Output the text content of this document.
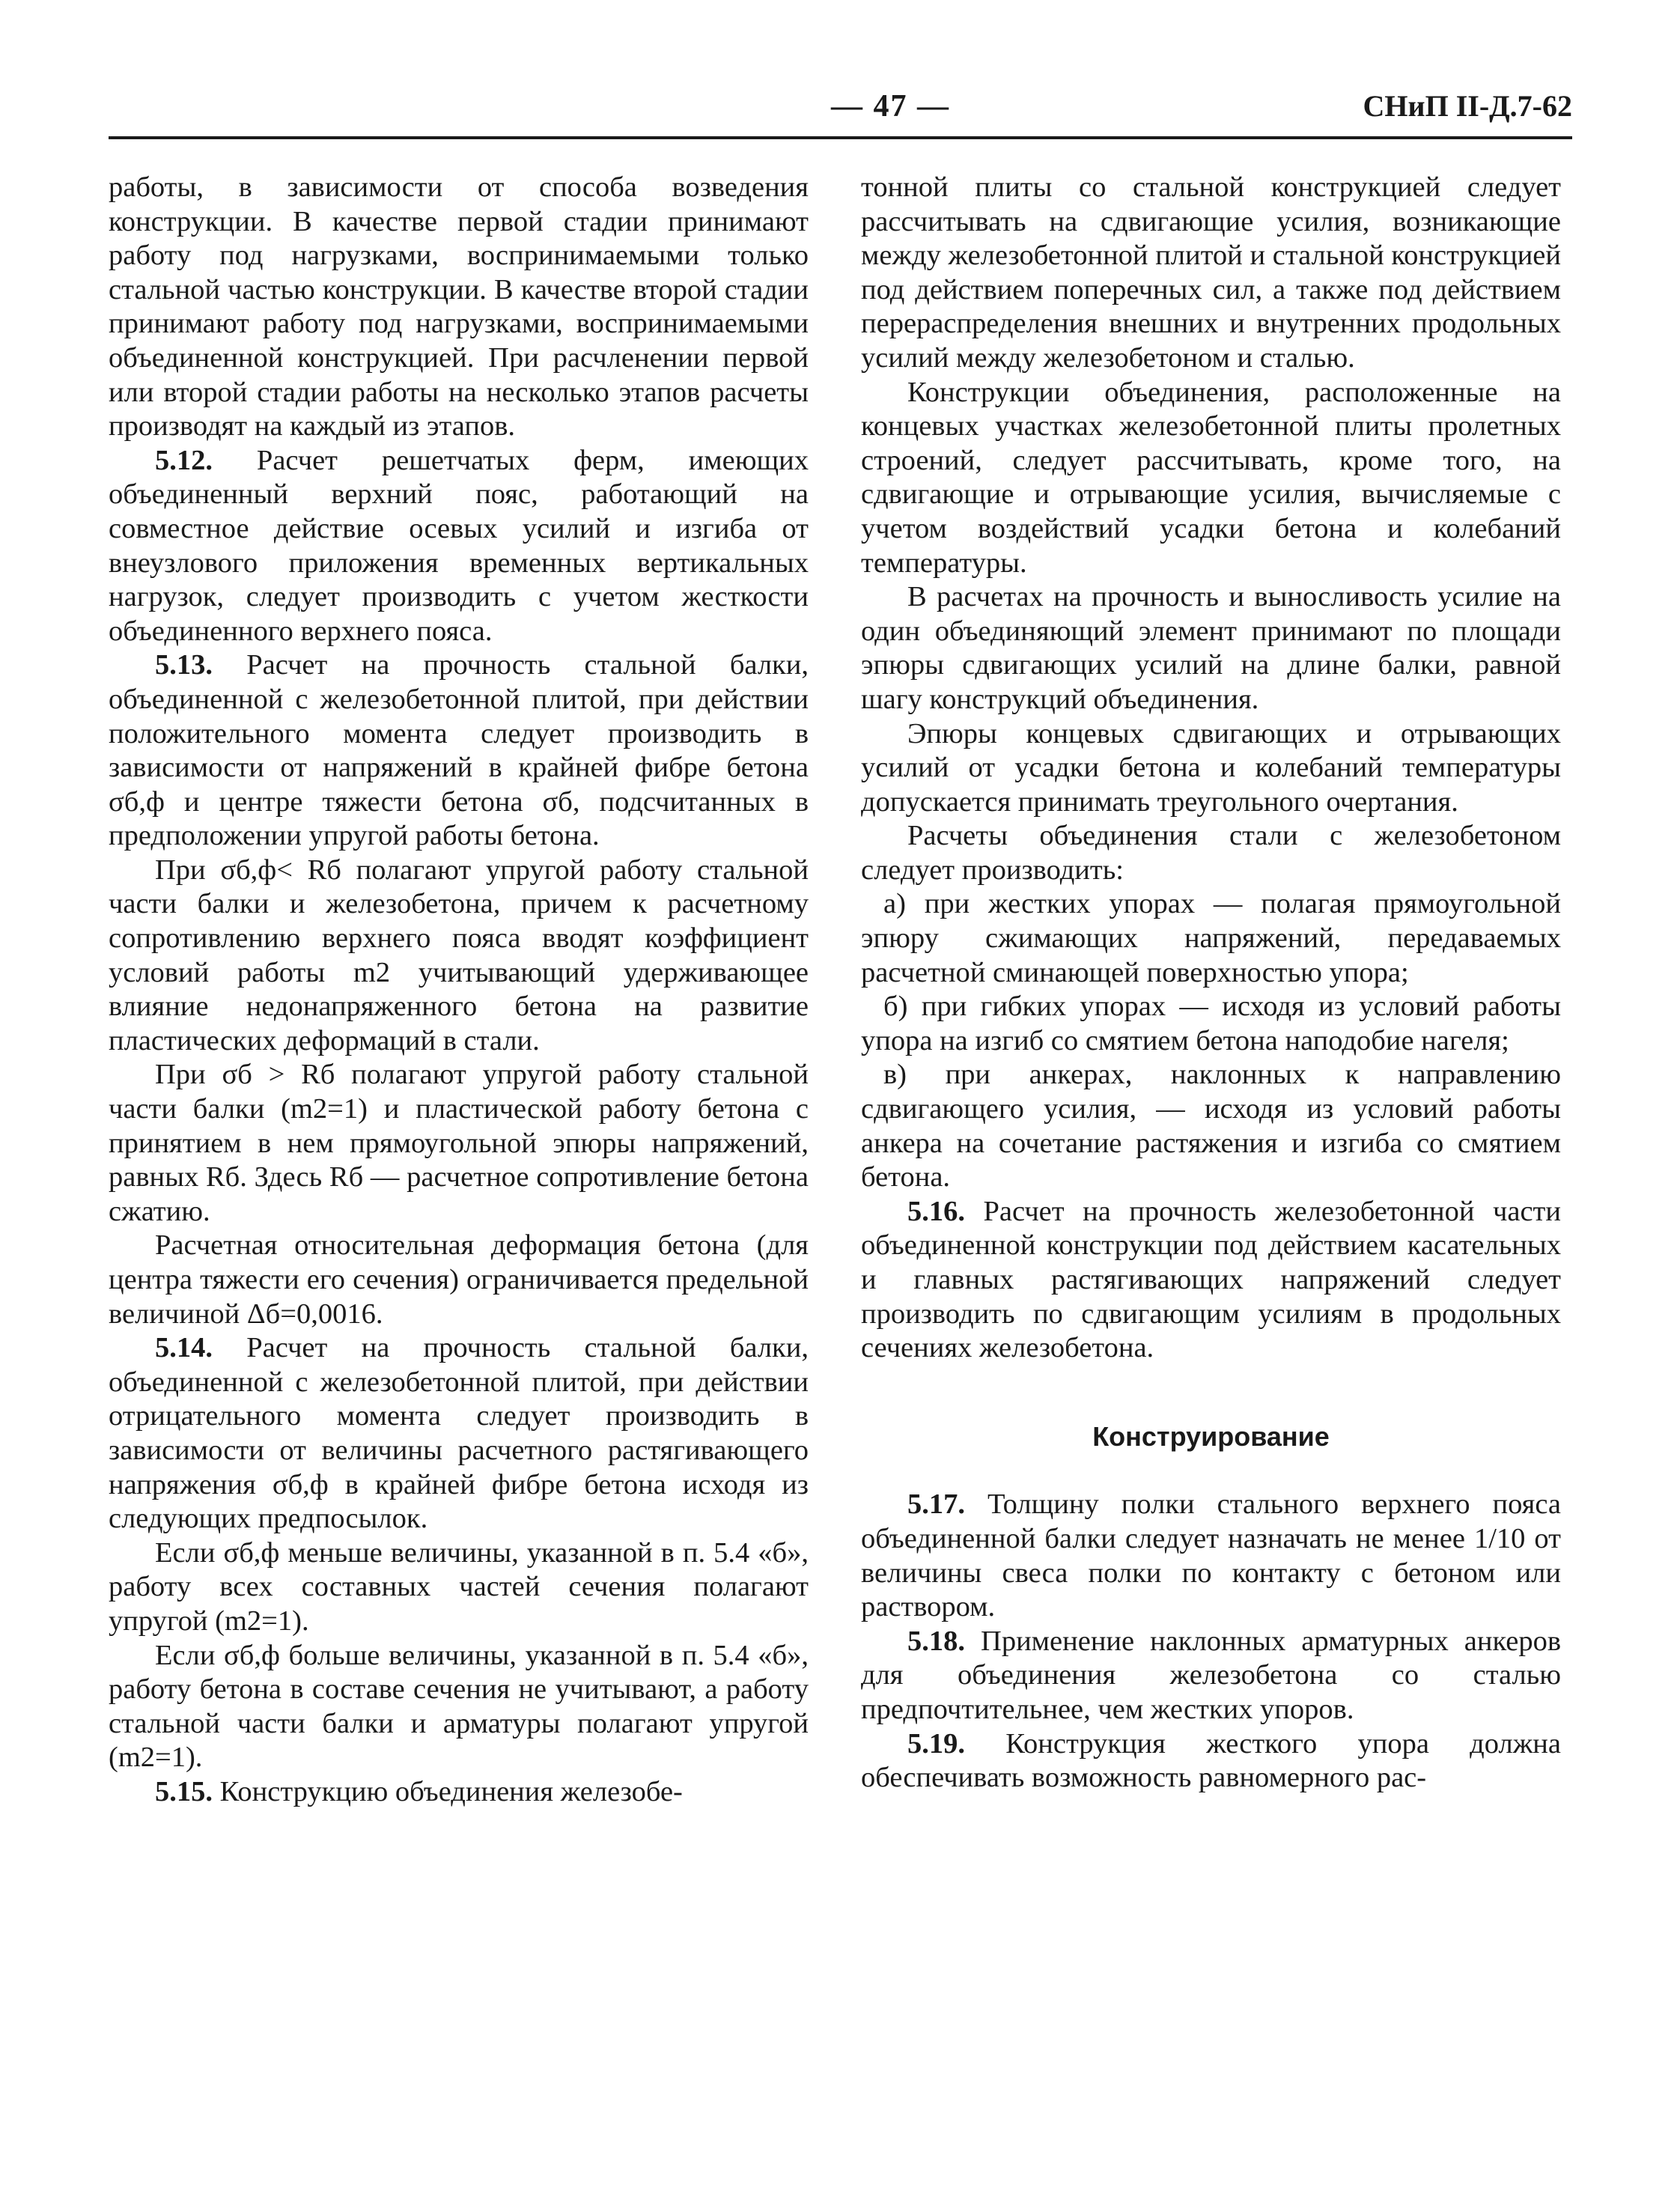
— 47 —	СНиП II-Д.7-62

работы, в зависимости от способа возведения конструкции. В качестве первой стадии принимают работу под нагрузками, воспринимаемыми только стальной частью конструкции. В качестве второй стадии принимают работу под нагрузками, воспринимаемыми объединенной конструкцией. При расчленении первой или второй стадии работы на несколько этапов расчеты производят на каждый из этапов.

5.12. Расчет решетчатых ферм, имеющих объединенный верхний пояс, работающий на совместное действие осевых усилий и изгиба от внеузлового приложения временных вертикальных нагрузок, следует производить с учетом жесткости объединенного верхнего пояса.

5.13. Расчет на прочность стальной балки, объединенной с железобетонной плитой, при действии положительного момента следует производить в зависимости от напряжений в крайней фибре бетона σб,ф и центре тяжести бетона σб, подсчитанных в предположении упругой работы бетона.

При σб,ф< Rб полагают упругой работу стальной части балки и железобетона, причем к расчетному сопротивлению верхнего пояса вводят коэффициент условий работы m2 учитывающий удерживающее влияние недонапряженного бетона на развитие пластических деформаций в стали.

При σб > Rб полагают упругой работу стальной части балки (m2=1) и пластической работу бетона с принятием в нем прямоугольной эпюры напряжений, равных Rб. Здесь Rб — расчетное сопротивление бетона сжатию.

Расчетная относительная деформация бетона (для центра тяжести его сечения) ограничивается предельной величиной Δб=0,0016.

5.14. Расчет на прочность стальной балки, объединенной с железобетонной плитой, при действии отрицательного момента следует производить в зависимости от величины расчетного растягивающего напряжения σб,ф в крайней фибре бетона исходя из следующих предпосылок.

Если σб,ф меньше величины, указанной в п. 5.4 «б», работу всех составных частей сечения полагают упругой (m2=1).

Если σб,ф больше величины, указанной в п. 5.4 «б», работу бетона в составе сечения не учитывают, а работу стальной части балки и арматуры полагают упругой (m2=1).

5.15. Конструкцию объединения железобе-

тонной плиты со стальной конструкцией следует рассчитывать на сдвигающие усилия, возникающие между железобетонной плитой и стальной конструкцией под действием поперечных сил, а также под действием перераспределения внешних и внутренних продольных усилий между железобетоном и сталью.

Конструкции объединения, расположенные на концевых участках железобетонной плиты пролетных строений, следует рассчитывать, кроме того, на сдвигающие и отрывающие усилия, вычисляемые с учетом воздействий усадки бетона и колебаний температуры.

В расчетах на прочность и выносливость усилие на один объединяющий элемент принимают по площади эпюры сдвигающих усилий на длине балки, равной шагу конструкций объединения.

Эпюры концевых сдвигающих и отрывающих усилий от усадки бетона и колебаний температуры допускается принимать треугольного очертания.

Расчеты объединения стали с железобетоном следует производить:

а) при жестких упорах — полагая прямоугольной эпюру сжимающих напряжений, передаваемых расчетной сминающей поверхностью упора;

б) при гибких упорах — исходя из условий работы упора на изгиб со смятием бетона наподобие нагеля;

в) при анкерах, наклонных к направлению сдвигающего усилия, — исходя из условий работы анкера на сочетание растяжения и изгиба со смятием бетона.

5.16. Расчет на прочность железобетонной части объединенной конструкции под действием касательных и главных растягивающих напряжений следует производить по сдвигающим усилиям в продольных сечениях железобетона.

Конструирование

5.17. Толщину полки стального верхнего пояса объединенной балки следует назначать не менее 1/10 от величины свеса полки по контакту с бетоном или раствором.

5.18. Применение наклонных арматурных анкеров для объединения железобетона со сталью предпочтительнее, чем жестких упоров.

5.19. Конструкция жесткого упора должна обеспечивать возможность равномерного рас-
